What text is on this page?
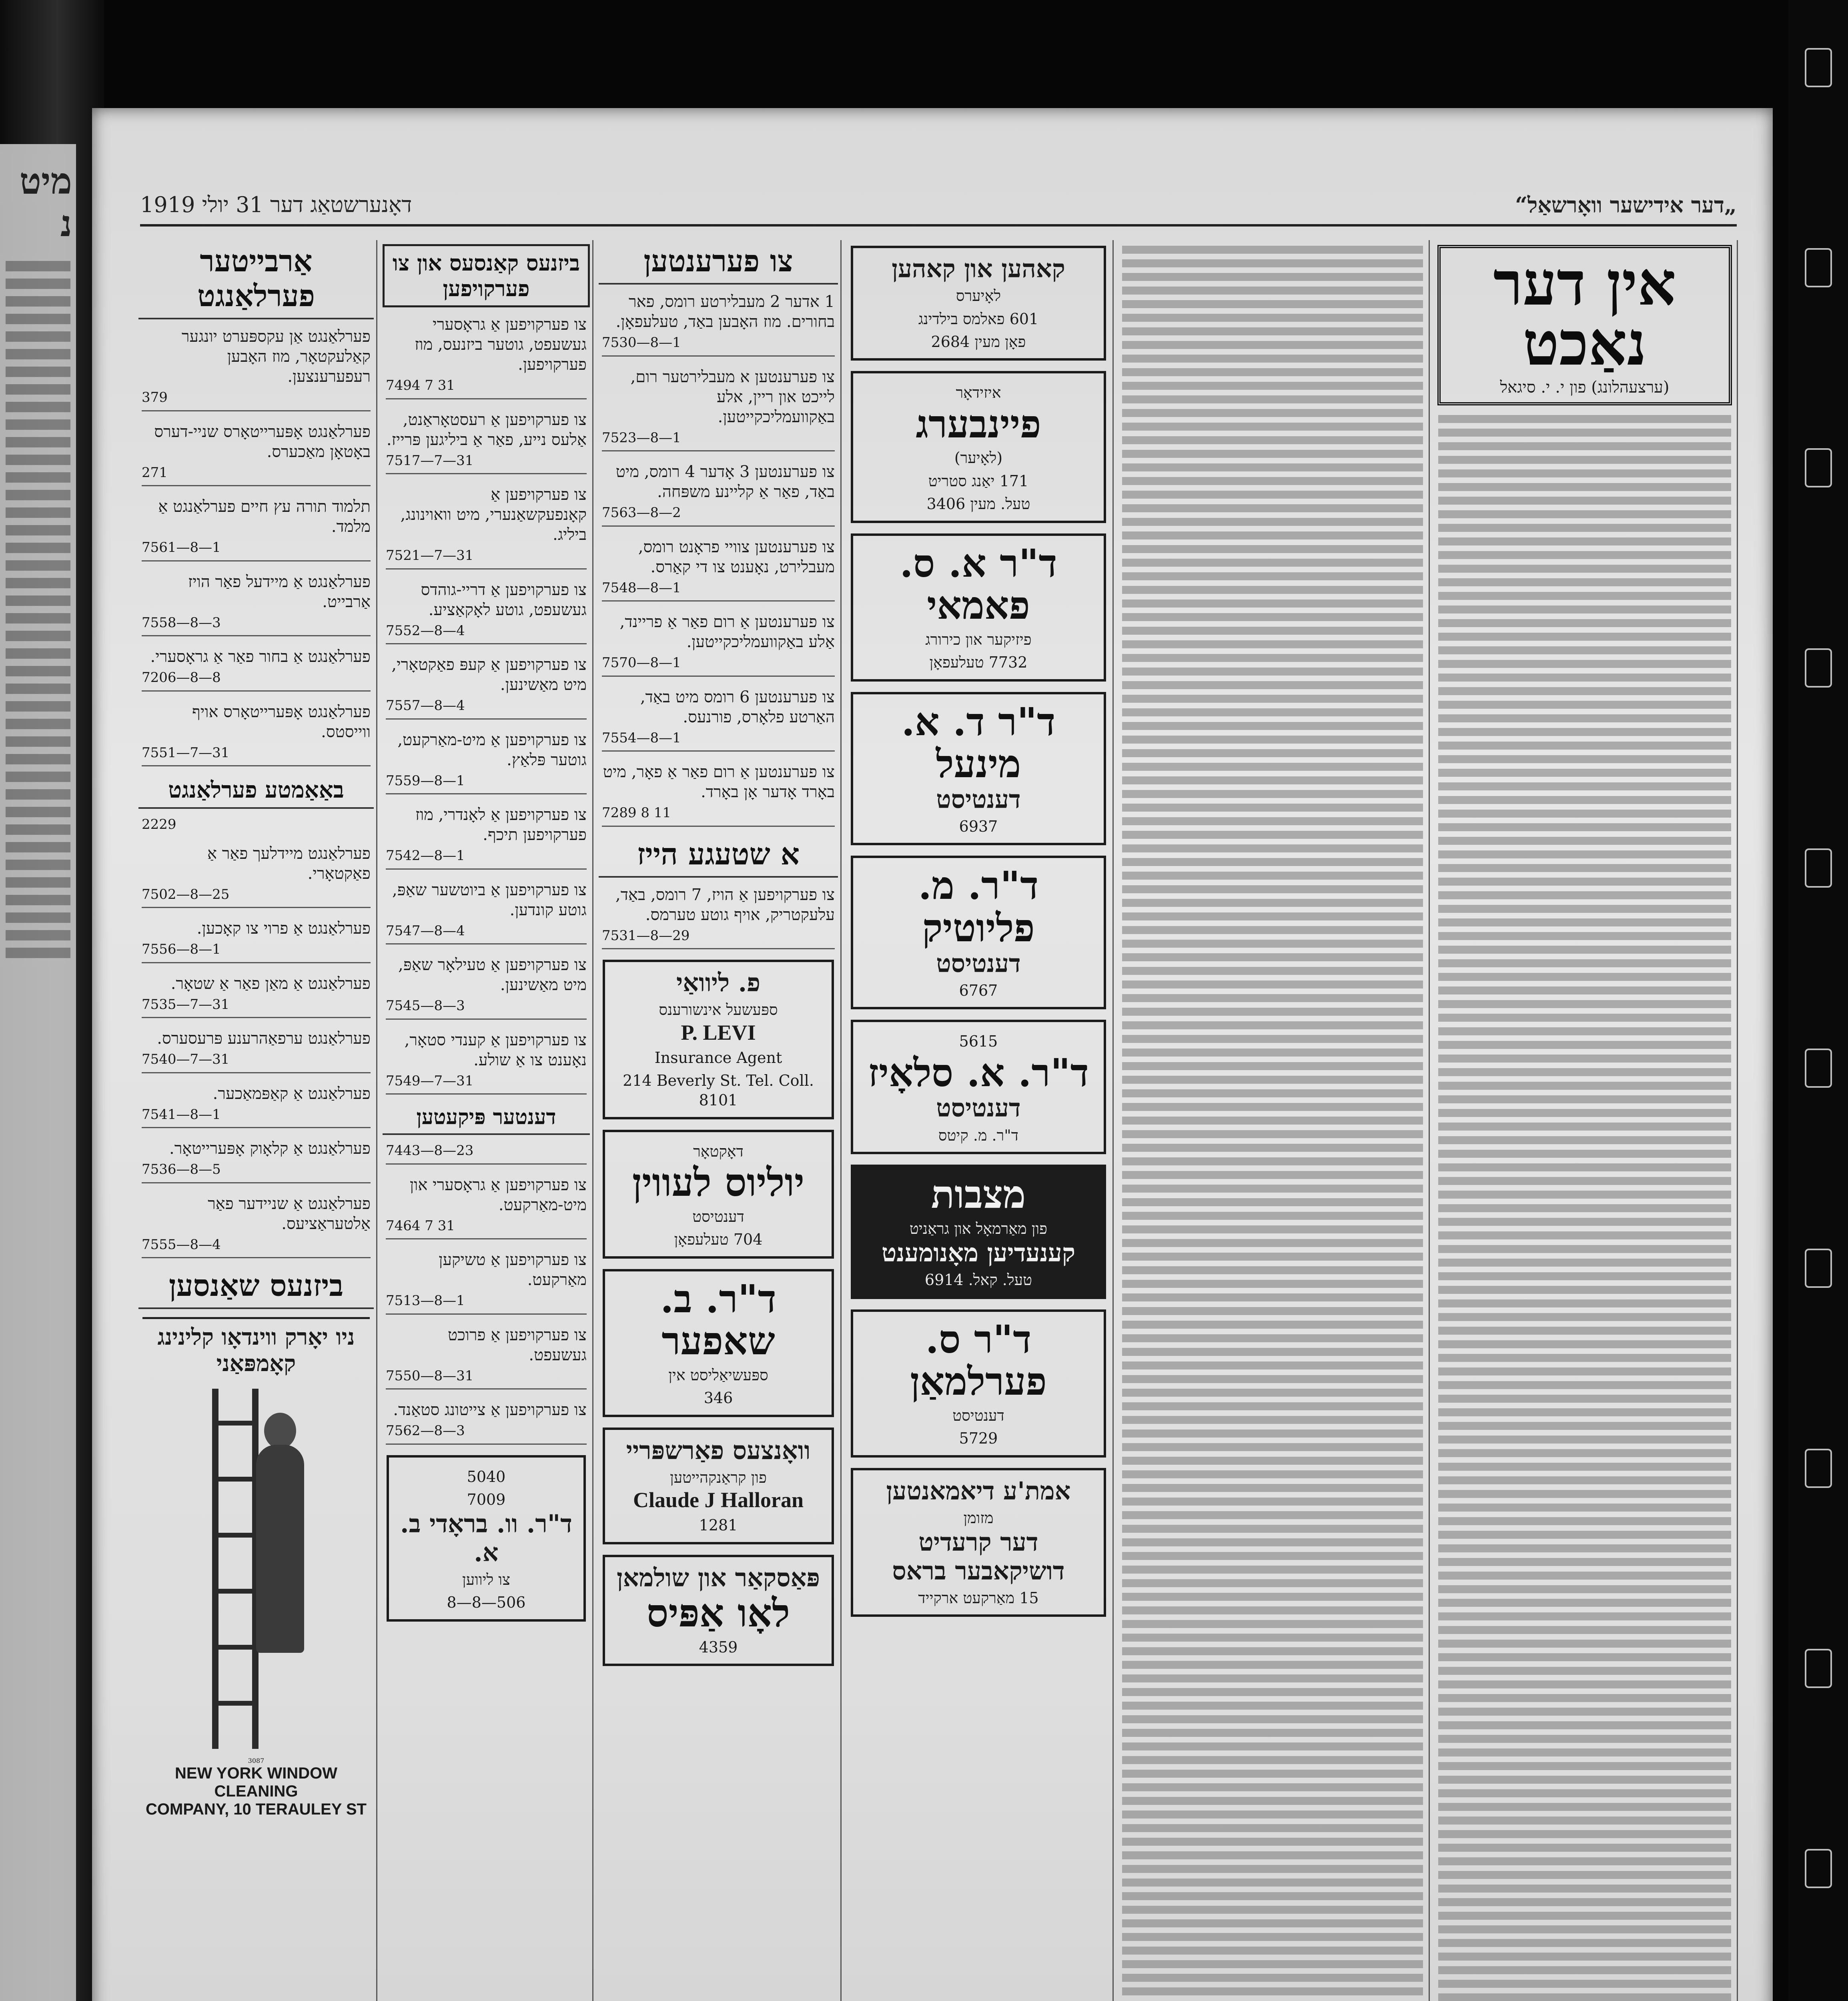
מיט נ	דאָנערשטאַג דער 31 יולי 1919	„דער אידישער וואָרשאַל“
אין דער נאַכט
(ערצעהלונג) פון י. י. סיגאל
קאהען און קאהען
לאָיערס
601 פאלמס בילדינג
פאָן מעין 2684
איזידאָר
פיינבערג
(לאָיער)
171 יאַנג סטריט
טעל. מעין 3406
ד"ר א. ס. פאמאי
פיזיקער און כירורג
7732 טעלעפאָן
ד"ר ד. א. מינעל
דענטיסט
6937
ד"ר. מ. פליוטיק
דענטיסט
6767
5615
ד"ר. א. סלאָיז
דענטיסט
ד"ר. מ. קיטס
מצבות
פון מאַרמאָל און גראַניט
קענעדיען מאָנומענט
טעל. קאל. 6914
ד"ר ס. פערלמאַן
דענטיסט
5729
אמת'ע דיאמאנטען
מזומן
דער קרעדיט
דושיקאבער בראס
15 מאַרקעט ארקייד
צו פערענטען
1 אדער 2 מעבלירטע רומס, פאר בחורים. מוז האָבען באַד, טעלעפאָן.
7530—8—1
צו פערענטען א מעבלירטער רום, לייכט און ריין, אלע באַקוועמליכקייטען.
7523—8—1
צו פערענטען 3 אָדער 4 רומס, מיט באַד, פאַר אַ קליינע משפּחה.
7563—8—2
צו פערענטען צוויי פראָנט רומס, מעבלירט, נאָענט צו די קאַרס.
7548—8—1
צו פערענטען אַ רום פאַר אַ פריינד, אַלע באַקוועמליכקייטען.
7570—8—1
צו פערענטען 6 רומס מיט באַד, האַרטע פלאָרס, פורנעס.
7554—8—1
צו פערענטען אַ רום פאַר אַ פאָר, מיט באָרד אָדער אָן באָרד.
7289 8 11
א שטעגע הייז
צו פערקויפען אַ הויז, 7 רומס, באַד, עלעקטריק, אויף גוטע טערמס.
7531—8—29
פ. ליוואַי
ספּעשעל אינשורענס
P. LEVI
Insurance Agent
214 Beverly St. Tel. Coll. 8101
דאָקטאָר
יוליוס לעווין
דענטיסט
704 טעלעפאָן
ד"ר. ב. שאפער
ספּעשיאַליסט אין
346
וואָנצעס פאַרשפּריי
פון קראַנקהייטען
Claude J Halloran
1281
פּאַסקאַר און שולמאן
לאָו אַפּיס
4359
ביזנעס קאַנסעס און צו פערקויפען
צו פערקויפען אַ גראָסערי געשעפט, גוטער ביזנעס, מוז פערקויפען.
7494 7 31
צו פערקויפען אַ רעסטאָראַנט, אַלעס נייע, פאַר אַ ביליגען פּרייז.
7517—7—31
צו פערקויפען אַ קאָנפעקשאַנערי, מיט וואוינונג, ביליג.
7521—7—31
צו פערקויפען אַ דריי-גוהדס געשעפט, גוטע לאָקאַציע.
7552—8—4
צו פערקויפען אַ קעפּ פאַקטאָרי, מיט מאַשינען.
7557—8—4
צו פערקויפען אַ מיט-מאַרקעט, גוטער פּלאַץ.
7559—8—1
צו פערקויפען אַ לאָנדרי, מוז פערקויפען תיכף.
7542—8—1
צו פערקויפען אַ ביוטשער שאַפּ, גוטע קונדען.
7547—8—4
צו פערקויפען אַ טעילאָר שאַפּ, מיט מאַשינען.
7545—8—3
צו פערקויפען אַ קענדי סטאָר, נאָענט צו אַ שולע.
7549—7—31
דענטער פּיקעטען
7443—8—23
צו פערקויפען אַ גראָסערי און מיט-מאַרקעט.
7464 7 31
צו פערקויפען אַ טשיקען מאַרקעט.
7513—8—1
צו פערקויפען אַ פרוכט געשעפט.
7550—8—31
צו פערקויפען אַ צייטונג סטאַנד.
7562—8—3
5040
7009
ד"ר. וו. בראָדי ב. א.
צו ליווען
506—8—8
אַרבייטער פערלאַנגט
פערלאַנגט אַן עקספּערט יונגער קאַלעקטאָר, מוז האָבען רעפערענצען.
379
פערלאַנגט אָפּערייטאָרס שניי-דערס באָטאָן מאַכערס.
271
תלמוד תורה עץ חיים פערלאַנגט אַ מלמד.
7561—8—1
פערלאַנגט אַ מיידעל פאַר הויז אַרבייט.
7558—8—3
פערלאַנגט אַ בחור פאַר אַ גראָסערי.
7206—8—8
פערלאַנגט אָפּערייטאָרס אויף ווייסטס.
7551—7—31
באַאַמטע פערלאַנגט
2229
פערלאַנגט מיידלעך פאַר אַ פאַקטאָרי.
7502—8—25
פערלאַנגט אַ פרוי צו קאָכען.
7556—8—1
פערלאַנגט אַ מאַן פאַר אַ שטאָר.
7535—7—31
פערלאַנגט ערפאַהרענע פּרעסערס.
7540—7—31
פערלאַנגט אַ קאַפּמאַכער.
7541—8—1
פערלאַנגט אַ קלאָוק אָפּערייטאָר.
7536—8—5
פערלאַנגט אַ שניידער פאַר אַלטעראַציעס.
7555—8—4
ביזנעס שאַנסען
ניו יאָרק ווינדאָו קלינינג קאָמפּאַני
3087
NEW YORK WINDOW CLEANING
COMPANY, 10 TERAULEY ST
